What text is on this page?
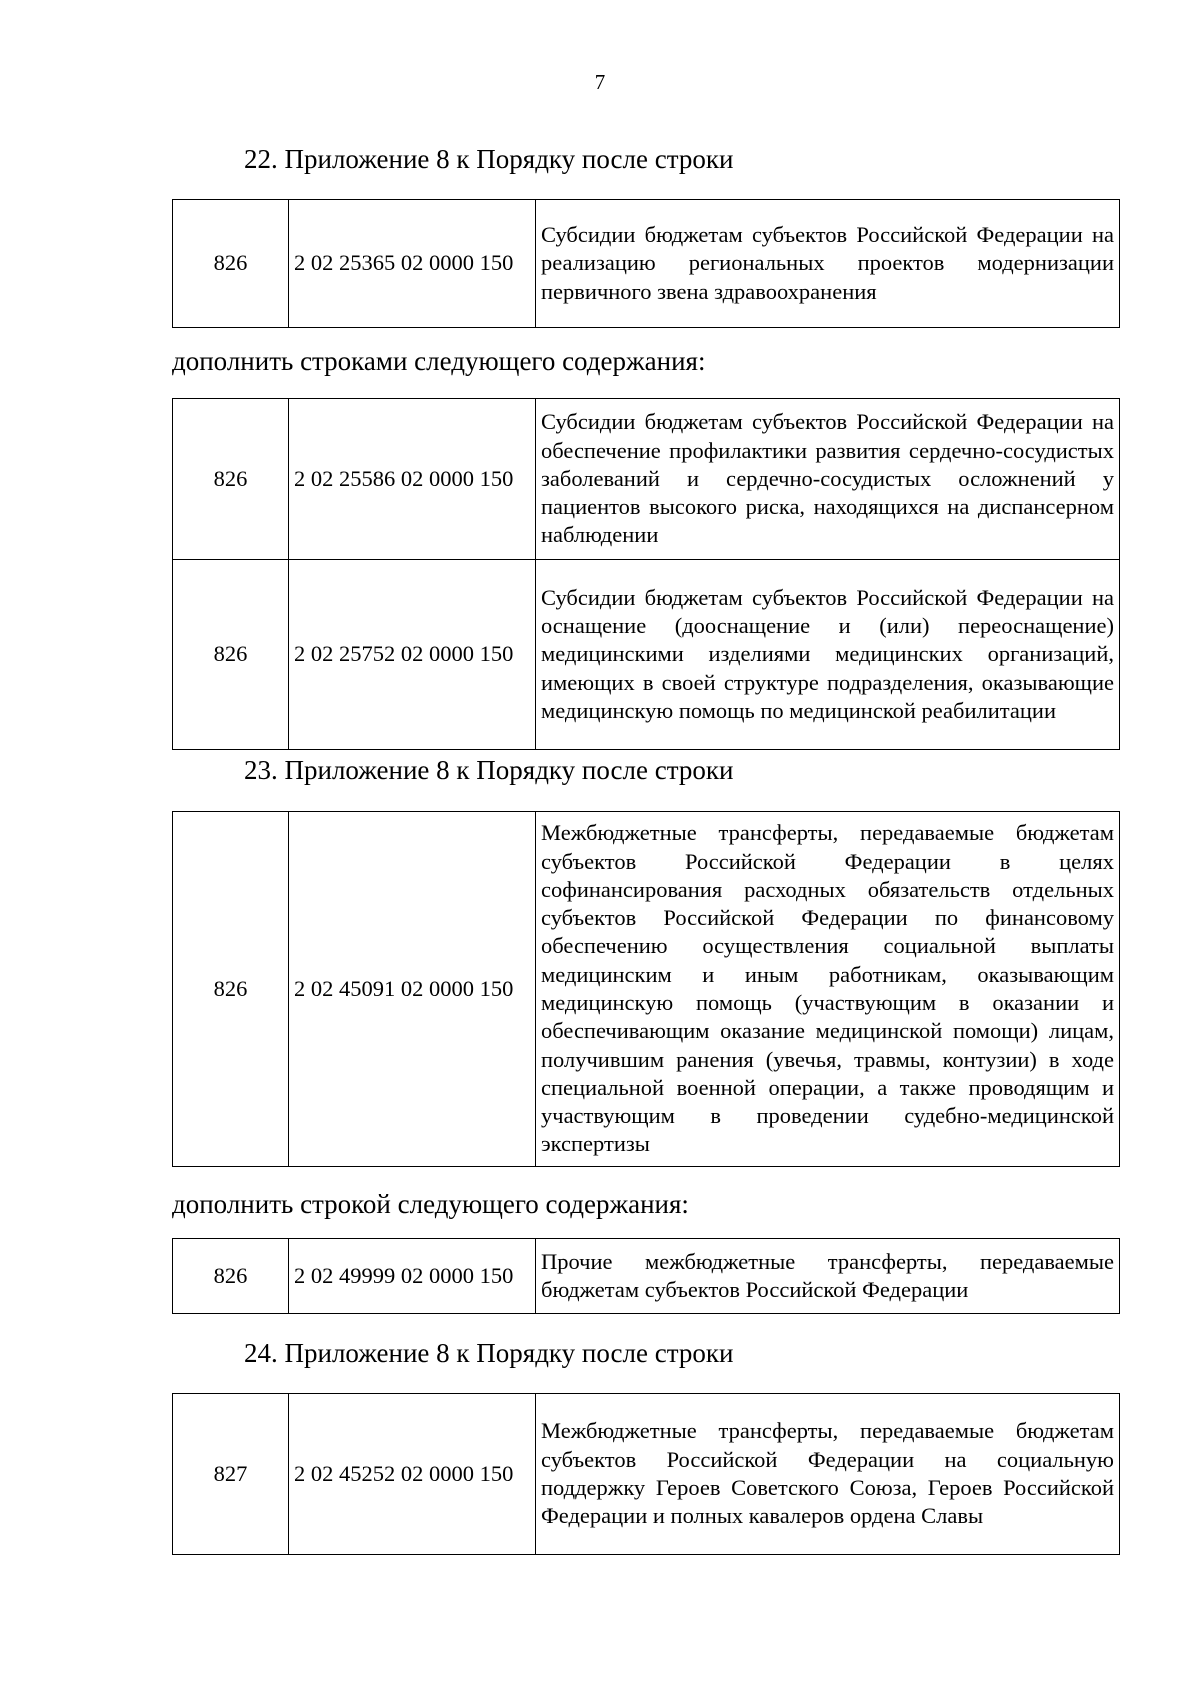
7
22. Приложение 8 к Порядку после строки
826	2 02 25365 02 0000 150	Субсидии бюджетам субъектов Российской Федерации на реализацию региональных проектов модернизации первичного звена здравоохранения
дополнить строками следующего содержания:
826	2 02 25586 02 0000 150	Субсидии бюджетам субъектов Российской Федерации на обеспечение профилактики развития сердечно-сосудистых заболеваний и сердечно-сосудистых осложнений у пациентов высокого риска, находящихся на диспансерном наблюдении
826	2 02 25752 02 0000 150	Субсидии бюджетам субъектов Российской Федерации на оснащение (дооснащение и (или) переоснащение) медицинскими изделиями медицинских организаций, имеющих в своей структуре подразделения, оказывающие медицинскую помощь по медицинской реабилитации
23. Приложение 8 к Порядку после строки
826	2 02 45091 02 0000 150	Межбюджетные трансферты, передаваемые бюджетам субъектов Российской Федерации в целях софинансирования расходных обязательств отдельных субъектов Российской Федерации по финансовому обеспечению осуществления социальной выплаты медицинским и иным работникам, оказывающим медицинскую помощь (участвующим в оказании и обеспечивающим оказание медицинской помощи) лицам, получившим ранения (увечья, травмы, контузии) в ходе специальной военной операции, а также проводящим и участвующим в проведении судебно-медицинской экспертизы
дополнить строкой следующего содержания:
826	2 02 49999 02 0000 150	Прочие межбюджетные трансферты, передаваемые бюджетам субъектов Российской Федерации
24. Приложение 8 к Порядку после строки
827	2 02 45252 02 0000 150	Межбюджетные трансферты, передаваемые бюджетам субъектов Российской Федерации на социальную поддержку Героев Советского Союза, Героев Российской Федерации и полных кавалеров ордена Славы
